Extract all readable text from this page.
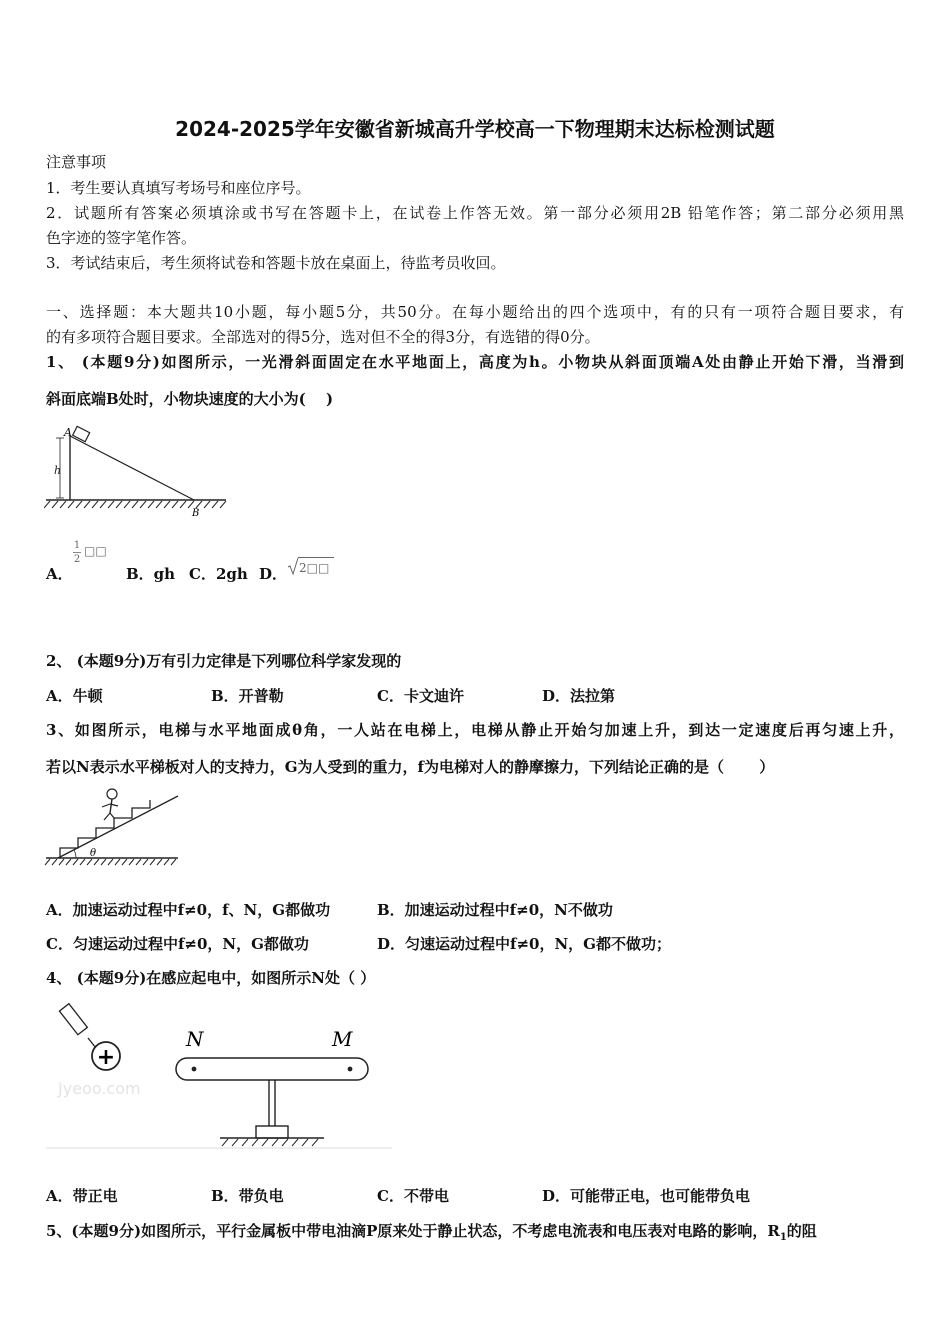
2024-2025学年安徽省新城高升学校高一下物理期末达标检测试题
注意事项
1．考生要认真填写考场号和座位序号。
2．试题所有答案必须填涂或书写在答题卡上，在试卷上作答无效。第一部分必须用2B 铅笔作答；第二部分必须用黑
色字迹的签字笔作答。
3．考试结束后，考生须将试卷和答题卡放在桌面上，待监考员收回。
一、选择题：本大题共10小题，每小题5分，共50分。在每小题给出的四个选项中，有的只有一项符合题目要求，有
的有多项符合题目要求。全部选对的得5分，选对但不全的得3分，有选错的得0分。
1、 (本题9分)如图所示，一光滑斜面固定在水平地面上，高度为h。小物块从斜面顶端A处由静止开始下滑，当滑到
斜面底端B处时，小物块速度的大小为(　 )
A
h
B
A．
1
2
□□
B．gh C．2gh D． 2□□
2、 (本题9分)万有引力定律是下列哪位科学家发现的
A．牛顿	B．开普勒	C．卡文迪许	D．法拉第
3、如图所示，电梯与水平地面成θ角，一人站在电梯上，电梯从静止开始匀加速上升，到达一定速度后再匀速上升，
若以N表示水平梯板对人的支持力，G为人受到的重力，f为电梯对人的静摩擦力，下列结论正确的是（　　 ）
θ
A．加速运动过程中f≠0，f、N，G都做功	B．加速运动过程中f≠0，N不做功
C．匀速运动过程中f≠0，N，G都做功	D．匀速运动过程中f≠0，N，G都不做功；
4、 (本题9分)在感应起电中，如图所示N处（ ）
+
Jyeoo.com
N	M
A．带正电	B．带负电	C．不带电	D．可能带正电，也可能带负电
5、(本题9分)如图所示，平行金属板中带电油滴P原来处于静止状态，不考虑电流表和电压表对电路的影响，$R_1$的阻
